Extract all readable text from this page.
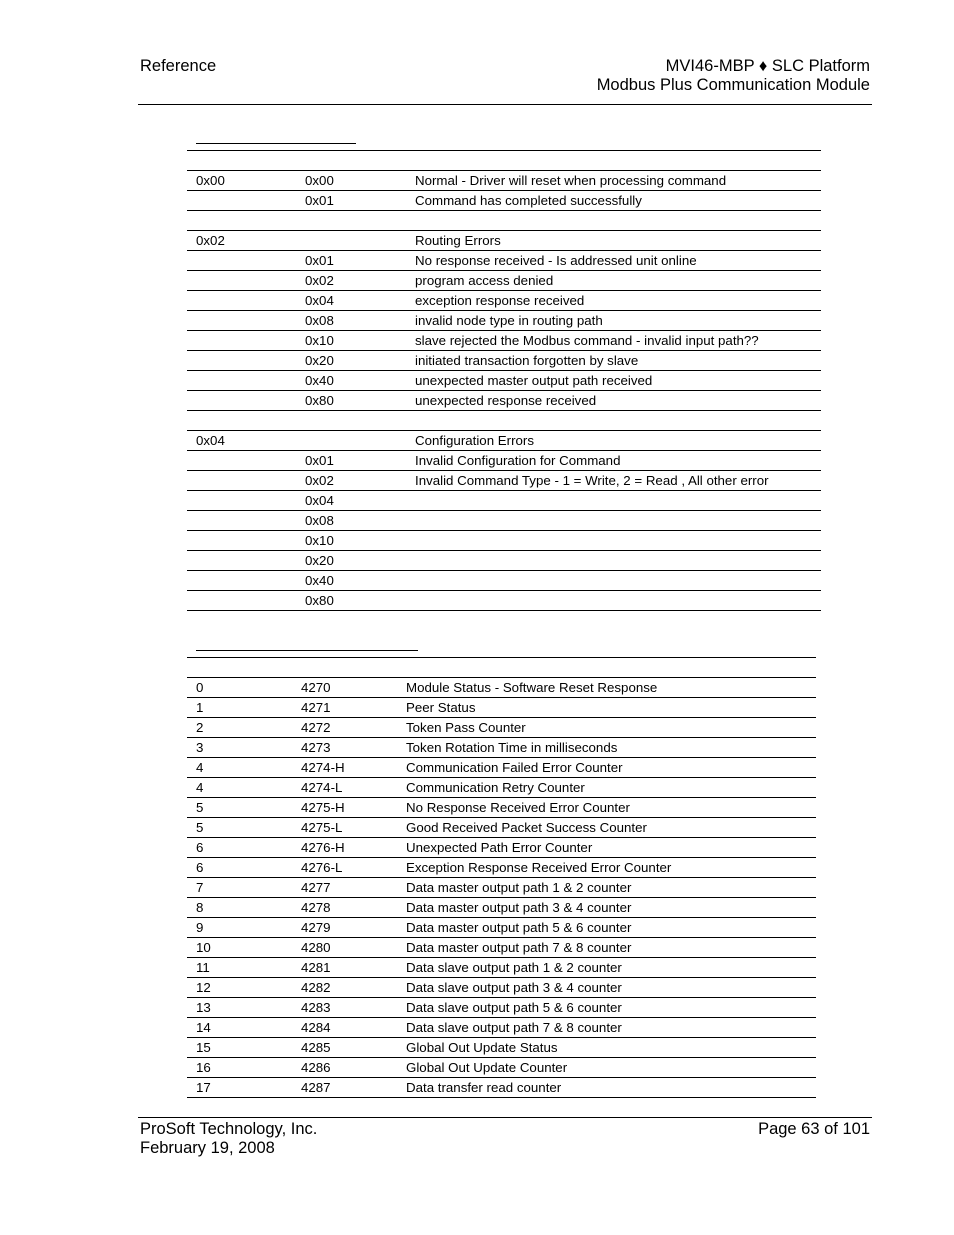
Reference	MVI46-MBP ♦ SLC Platform
Modbus Plus Communication Module

0x00	0x00	Normal - Driver will reset when processing command
	0x01	Command has completed successfully

0x02		Routing Errors
	0x01	No response received - Is addressed unit online
	0x02	program access denied
	0x04	exception response received
	0x08	invalid node type in routing path
	0x10	slave rejected the Modbus command - invalid input path??
	0x20	initiated transaction forgotten by slave
	0x40	unexpected master output path received
	0x80	unexpected response received

0x04		Configuration Errors
	0x01	Invalid Configuration for Command
	0x02	Invalid Command Type - 1 = Write, 2 = Read , All other error
	0x04	
	0x08	
	0x10	
	0x20	
	0x40	
	0x80	

0	4270	Module Status - Software Reset Response
1	4271	Peer Status
2	4272	Token Pass Counter
3	4273	Token Rotation Time in milliseconds
4	4274-H	Communication Failed Error Counter
4	4274-L	Communication Retry Counter
5	4275-H	No Response Received Error Counter
5	4275-L	Good Received Packet Success Counter
6	4276-H	Unexpected Path Error Counter
6	4276-L	Exception Response Received Error Counter
7	4277	Data master output path 1 & 2 counter
8	4278	Data master output path 3 & 4 counter
9	4279	Data master output path 5 & 6 counter
10	4280	Data master output path 7 & 8 counter
11	4281	Data slave output path 1 & 2 counter
12	4282	Data slave output path 3 & 4 counter
13	4283	Data slave output path 5 & 6 counter
14	4284	Data slave output path 7 & 8 counter
15	4285	Global Out Update Status
16	4286	Global Out Update Counter
17	4287	Data transfer read counter
ProSoft Technology, Inc.
February 19, 2008
Page 63 of 101
